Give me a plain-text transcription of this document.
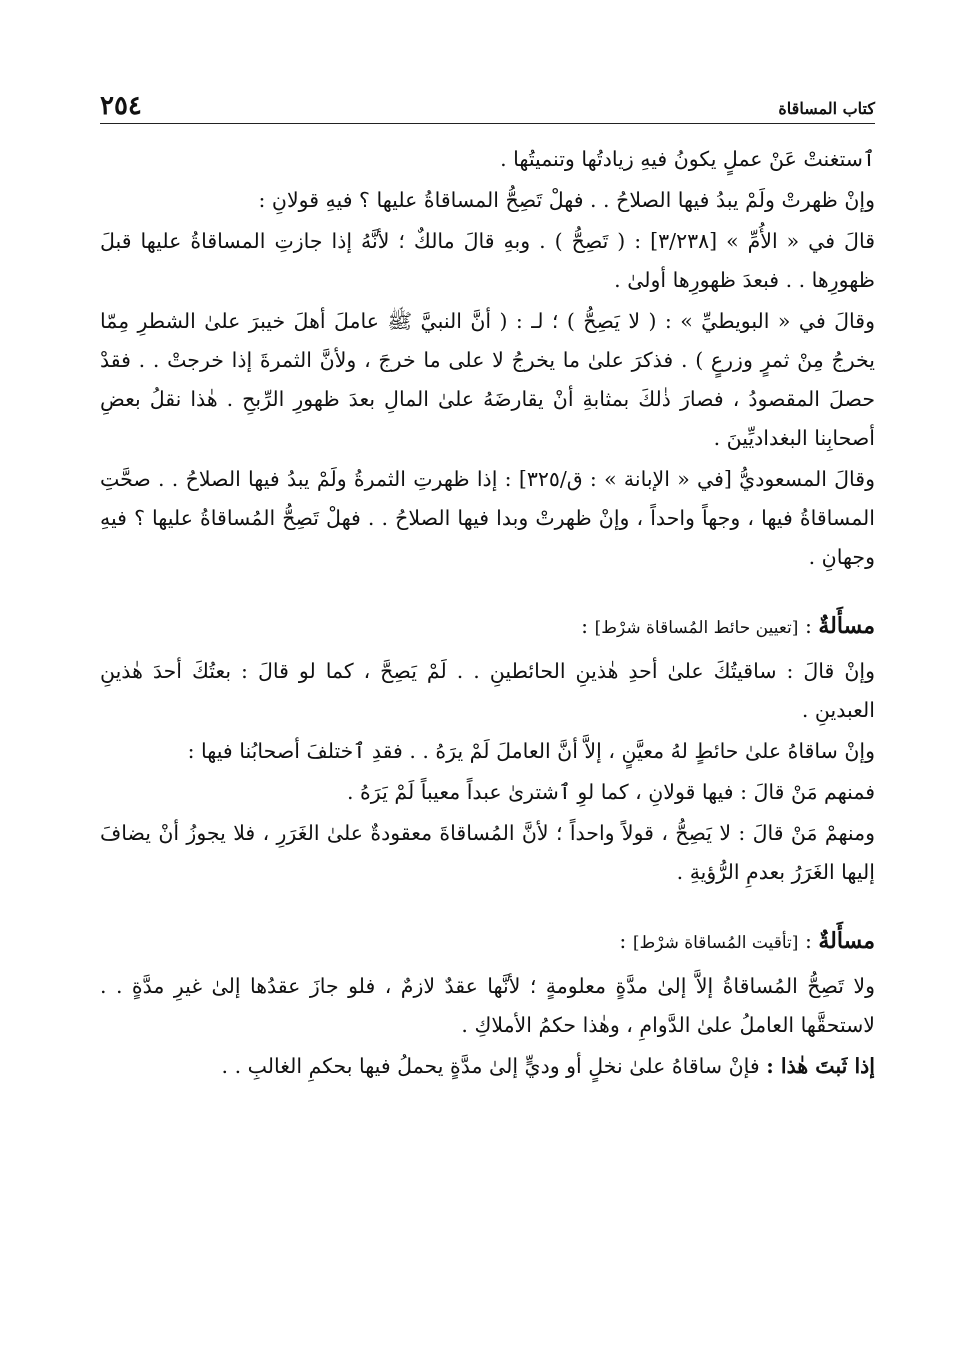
كتاب المساقاة
٢٥٤

ٱستغنتْ عَنْ عملٍ يكونُ فيهِ زيادتُها وتنميتُها .

وإنْ ظهرتْ ولَمْ يبدُ فيها الصلاحُ . . فهلْ تَصِحُّ المساقاةُ عليها ؟ فيهِ قولانِ :

قالَ في « الأُمِّ » [٣/٢٣٨] : ( تَصِحُّ ) . وبهِ قالَ مالكٌ ؛ لأنَّهُ إذا جازتِ المساقاةُ عليها قبلَ ظهورِها . . فبعدَ ظهورِها أولىٰ .

وقالَ في « البويطيِّ » : ( لا يَصِحُّ ) ؛ لـ : ( أنَّ النبيَّ ﷺ عاملَ أهلَ خيبرَ علىٰ الشطرِ مِمّا يخرجُ مِنْ ثمرٍ وزرعٍ ) . فذكرَ علىٰ ما يخرجُ لا على ما خرجَ ، ولأنَّ الثمرةَ إذا خرجتْ . . فقدْ حصلَ المقصودُ ، فصارَ ذٰلكَ بمثابةِ أنْ يقارضَهُ علىٰ المالِ بعدَ ظهورِ الرِّبحِ . هٰذا نقلُ بعضِ أصحابِنا البغداديِّينَ .

وقالَ المسعوديُّ [في « الإبانة » : ق/٣٢٥] : إذا ظهرتِ الثمرةُ ولَمْ يبدُ فيها الصلاحُ . . صحَّتِ المساقاةُ فيها ، وجهاً واحداً ، وإنْ ظهرتْ وبدا فيها الصلاحُ . . فهلْ تَصِحُّ المُساقاةُ عليها ؟ فيهِ وجهانِ .

مسأَلةٌ : [تعيين حائط المُساقاة شرْط] :

وإنْ قالَ : ساقيتُكَ علىٰ أحدِ هٰذينِ الحائطينِ . . لَمْ يَصِحَّ ، كما لو قالَ : بعتُكَ أحدَ هٰذينِ العبدينِ .

وإنْ ساقاهُ علىٰ حائطٍ لهُ معيَّنٍ ، إلاَّ أنَّ العاملَ لَمْ يرَهُ . . فقدِ ٱختلفَ أصحابُنا فيها :

فمنهم مَنْ قالَ : فيها قولانِ ، كما لوِ ٱشترىٰ عبداً معيباً لَمْ يَرَهُ .

ومنهمْ مَنْ قالَ : لا يَصِحُّ ، قولاً واحداً ؛ لأنَّ المُساقاةَ معقودةٌ علىٰ الغَرَرِ ، فلا يجوزُ أنْ يضافَ إليها الغَرَرُ بعدمِ الرُّؤيةِ .

مسأَلةٌ : [تأقيت المُساقاة شرْط] :

ولا تَصِحُّ المُساقاةُ إلاَّ إلىٰ مدَّةٍ معلومةٍ ؛ لأنَّها عقدٌ لازمٌ ، فلو جازَ عقدُها إلىٰ غيرِ مدَّةٍ . . لاستحقَّها العاملُ علىٰ الدَّوامِ ، وهٰذا حكمُ الأملاكِ .

إذا ثَبتَ هٰذا : فإنْ ساقاهُ علىٰ نخلٍ أو وديٍّ إلىٰ مدَّةٍ يحملُ فيها بحكمِ الغالبِ . .
